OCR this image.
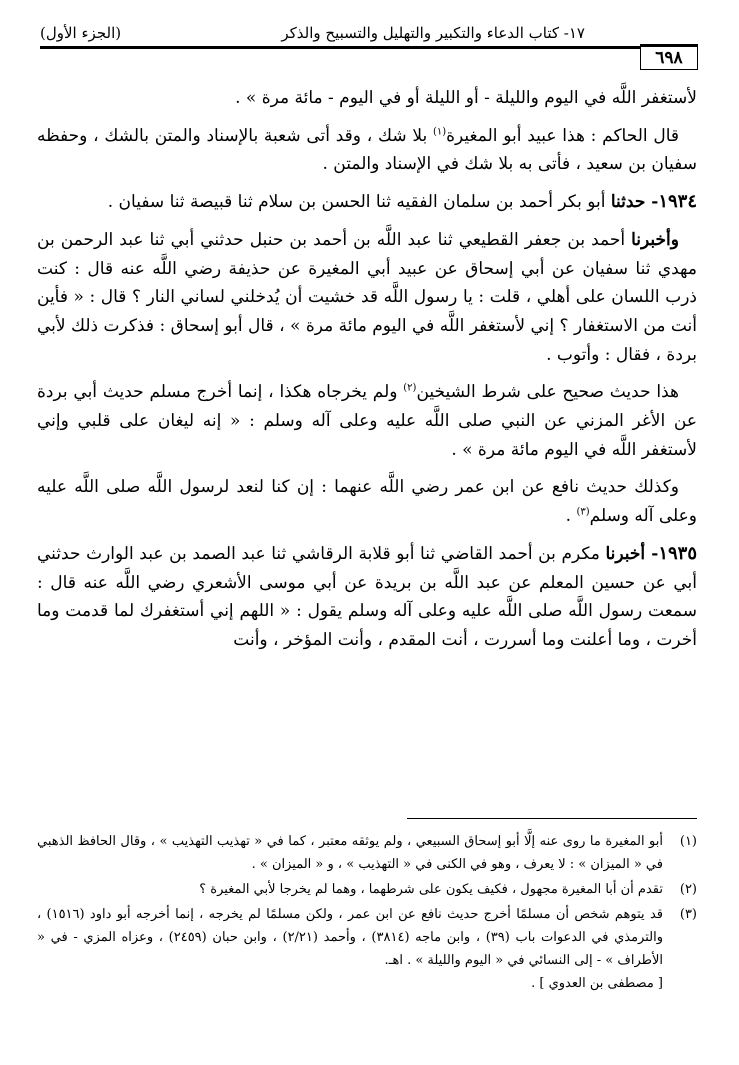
١٧- كتاب الدعاء والتكبير والتهليل والتسبيح والذكر
(الجزء الأول)
٦٩٨

لأستغفر اللَّه في اليوم والليلة - أو الليلة أو في اليوم - مائة مرة » .

قال الحاكم : هذا عبيد أبو المغيرة$^{(١)}$ بلا شك ، وقد أتى شعبة بالإسناد والمتن بالشك ، وحفظه سفيان بن سعيد ، فأتى به بلا شك في الإسناد والمتن .

١٩٣٤- حدثنا أبو بكر أحمد بن سلمان الفقيه ثنا الحسن بن سلام ثنا قبيصة ثنا سفيان .

وأخبرنا أحمد بن جعفر القطيعي ثنا عبد اللَّه بن أحمد بن حنبل حدثني أبي ثنا عبد الرحمن بن مهدي ثنا سفيان عن أبي إسحاق عن عبيد أبي المغيرة عن حذيفة رضي اللَّه عنه قال : كنت ذرب اللسان على أهلي ، قلت : يا رسول اللَّه قد خشيت أن يُدخلني لساني النار ؟ قال : « فأين أنت من الاستغفار ؟ إني لأستغفر اللَّه في اليوم مائة مرة » ، قال أبو إسحاق : فذكرت ذلك لأبي بردة ، فقال : وأتوب .

هذا حديث صحيح على شرط الشيخين$^{(٢)}$ ولم يخرجاه هكذا ، إنما أخرج مسلم حديث أبي بردة عن الأغر المزني عن النبي صلى اللَّه عليه وعلى آله وسلم : « إنه ليغان على قلبي وإني لأستغفر اللَّه في اليوم مائة مرة » .

وكذلك حديث نافع عن ابن عمر رضي اللَّه عنهما : إن كنا لنعد لرسول اللَّه صلى اللَّه عليه وعلى آله وسلم$^{(٣)}$ .

١٩٣٥- أخبرنا مكرم بن أحمد القاضي ثنا أبو قلابة الرقاشي ثنا عبد الصمد بن عبد الوارث حدثني أبي عن حسين المعلم عن عبد اللَّه بن بريدة عن أبي موسى الأشعري رضي اللَّه عنه قال : سمعت رسول اللَّه صلى اللَّه عليه وعلى آله وسلم يقول : « اللهم إني أستغفرك لما قدمت وما أخرت ، وما أعلنت وما أسررت ، أنت المقدم ، وأنت المؤخر ، وأنت

(١)
أبو المغيرة ما روى عنه إلَّا أبو إسحاق السبيعي ، ولم يوثقه معتبر ، كما في « تهذيب التهذيب » ، وقال الحافظ الذهبي في « الميزان » : لا يعرف ، وهو في الكنى في « التهذيب » ، و « الميزان » .
(٢)
تقدم أن أبا المغيرة مجهول ، فكيف يكون على شرطهما ، وهما لم يخرجا لأبي المغيرة ؟
(٣)
قد يتوهم شخص أن مسلمًا أخرج حديث نافع عن ابن عمر ، ولكن مسلمًا لم يخرجه ، إنما أخرجه أبو داود (١٥١٦) ، والترمذي في الدعوات باب (٣٩) ، وابن ماجه (٣٨١٤) ، وأحمد (٢/٢١) ، وابن حبان (٢٤٥٩) ، وعزاه المزي - في « الأطراف » - إلى النسائي في « اليوم والليلة » . اهـ.
[ مصطفى بن العدوي ] .
